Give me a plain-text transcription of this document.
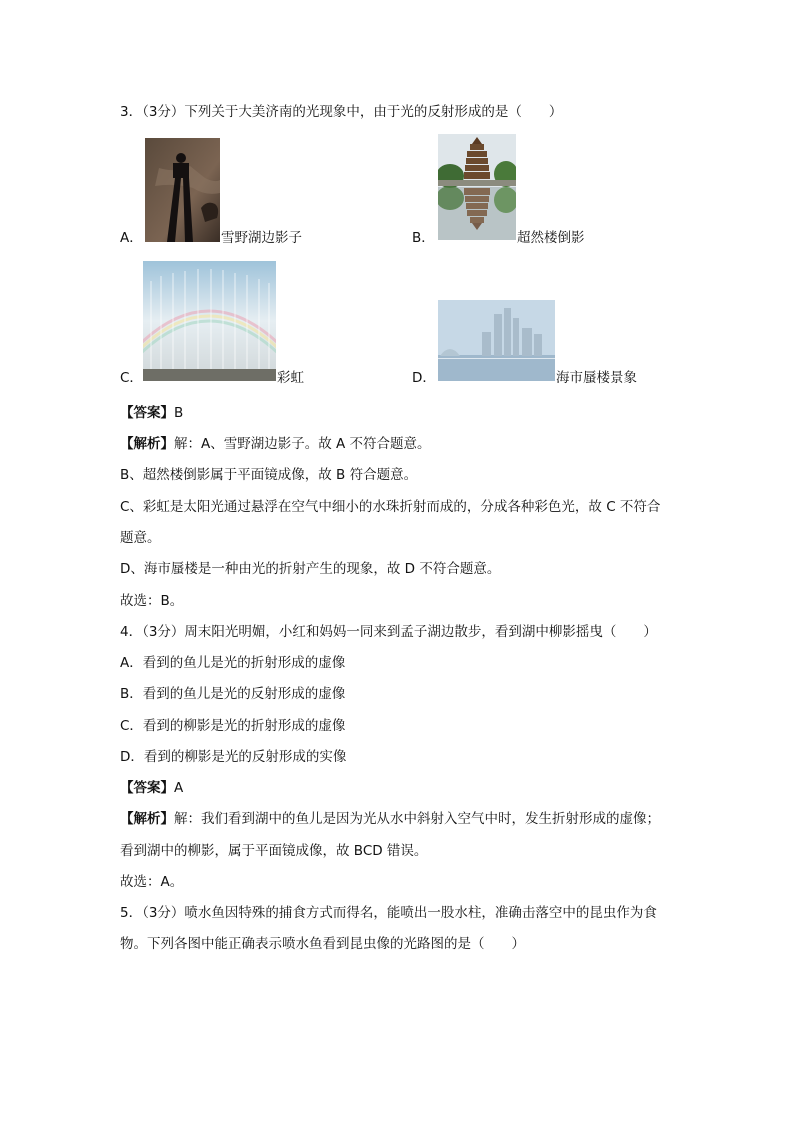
3．（3分）下列关于大美济南的光现象中，由于光的反射形成的是（　　）
A．	雪野湖边影子	B．	超然楼倒影
C．	彩虹	D．	海市蜃楼景象
【答案】B
【解析】解：A、雪野湖边影子。故 A 不符合题意。
B、超然楼倒影属于平面镜成像，故 B 符合题意。
C、彩虹是太阳光通过悬浮在空气中细小的水珠折射而成的，分成各种彩色光，故 C 不符合
题意。
D、海市蜃楼是一种由光的折射产生的现象，故 D 不符合题意。
故选：B。
4．（3分）周末阳光明媚，小红和妈妈一同来到孟子湖边散步，看到湖中柳影摇曳（　　）
A．看到的鱼儿是光的折射形成的虚像
B．看到的鱼儿是光的反射形成的虚像
C．看到的柳影是光的折射形成的虚像
D．看到的柳影是光的反射形成的实像
【答案】A
【解析】解：我们看到湖中的鱼儿是因为光从水中斜射入空气中时，发生折射形成的虚像；
看到湖中的柳影，属于平面镜成像，故 BCD 错误。
故选：A。
5．（3分）喷水鱼因特殊的捕食方式而得名，能喷出一股水柱，准确击落空中的昆虫作为食
物。下列各图中能正确表示喷水鱼看到昆虫像的光路图的是（　　）
